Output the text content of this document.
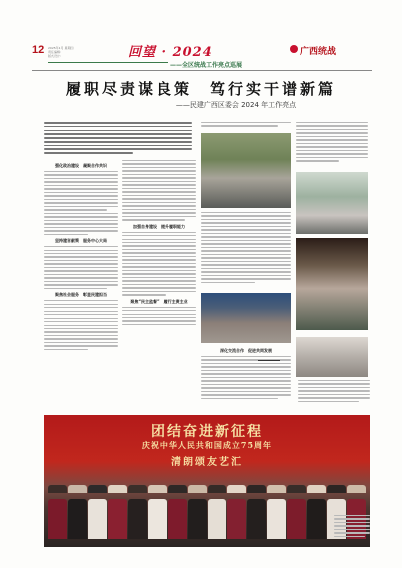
12 2025年1月 星期四
责任编辑：
版式设计：	回望 · 2024
——全区统战工作亮点巡展
广西统战
履职尽责谋良策　笃行实干谱新篇
——民建广西区委会 2024 年工作亮点
强化政治建设　凝聚合作共识
坚持建言献策　服务中心大局
聚焦社会服务　彰显民建担当
加强自身建设　提升履职能力
聚焦“民主监督”　履行主责主业
深化交流合作　促进共同发展
团结奋进新征程
庆祝中华人民共和国成立75周年
清朗颂友艺汇
